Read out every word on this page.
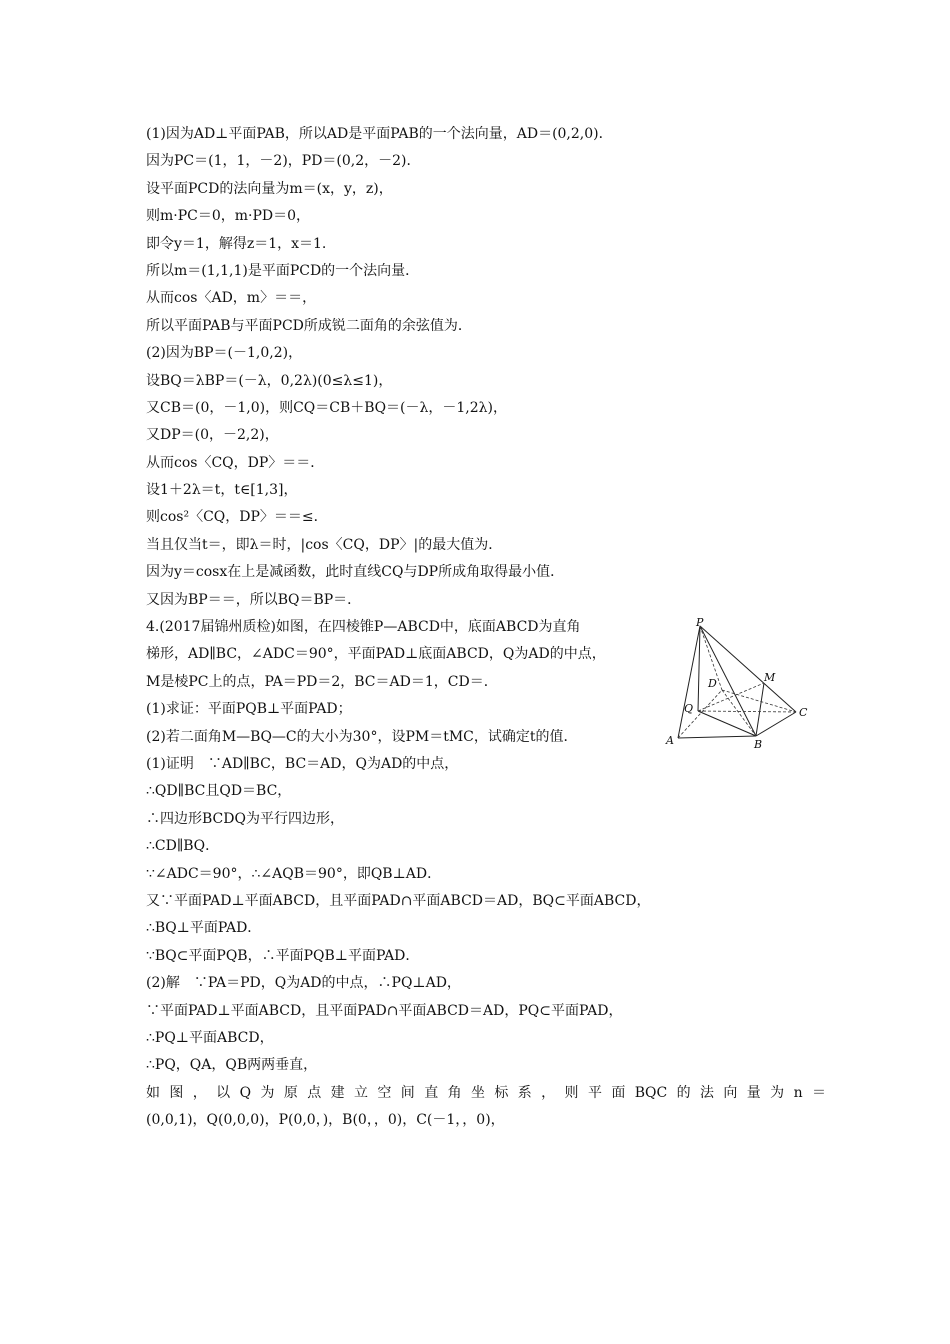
(1)因为AD⊥平面PAB，所以AD是平面PAB的一个法向量，AD＝(0,2,0)．
因为PC＝(1，1，－2)，PD＝(0,2，－2)．
设平面PCD的法向量为m＝(x，y，z)，
则m·PC＝0，m·PD＝0，
即令y＝1，解得z＝1，x＝1.
所以m＝(1,1,1)是平面PCD的一个法向量．
从而cos〈AD，m〉＝＝，
所以平面PAB与平面PCD所成锐二面角的余弦值为．
(2)因为BP＝(－1,0,2)，
设BQ＝λBP＝(－λ，0,2λ)(0≤λ≤1)，
又CB＝(0，－1,0)，则CQ＝CB＋BQ＝(－λ，－1,2λ)，
又DP＝(0，－2,2)，
从而cos〈CQ，DP〉＝＝．
设1＋2λ＝t，t∈[1,3]，
则cos²〈CQ，DP〉＝＝≤．
当且仅当t＝，即λ＝时，|cos〈CQ，DP〉|的最大值为．
因为y＝cosx在上是减函数，此时直线CQ与DP所成角取得最小值．
又因为BP＝＝，所以BQ＝BP＝．
4.(2017届锦州质检)如图，在四棱锥P—ABCD中，底面ABCD为直角
梯形，AD∥BC，∠ADC＝90°，平面PAD⊥底面ABCD，Q为AD的中点，
M是棱PC上的点，PA＝PD＝2，BC＝AD＝1，CD＝．
(1)求证：平面PQB⊥平面PAD；
(2)若二面角M—BQ—C的大小为30°，设PM＝tMC，试确定t的值．
(1)证明　∵AD∥BC，BC＝AD，Q为AD的中点，
∴QD∥BC且QD＝BC，
∴四边形BCDQ为平行四边形，
∴CD∥BQ．
∵∠ADC＝90°，∴∠AQB＝90°，即QB⊥AD．
又∵平面PAD⊥平面ABCD，且平面PAD∩平面ABCD＝AD，BQ⊂平面ABCD，
∴BQ⊥平面PAD．
∵BQ⊂平面PQB，∴平面PQB⊥平面PAD．
(2)解　∵PA＝PD，Q为AD的中点，∴PQ⊥AD，
∵平面PAD⊥平面ABCD，且平面PAD∩平面ABCD＝AD，PQ⊂平面PAD，
∴PQ⊥平面ABCD，
∴PQ，QA，QB两两垂直，
如图，以Q为原点建立空间直角坐标系，则平面BQC的法向量为n＝
(0,0,1)，Q(0,0,0)，P(0,0，)，B(0，，0)，C(－1，，0)，
P
D	M
Q	C
A	B
